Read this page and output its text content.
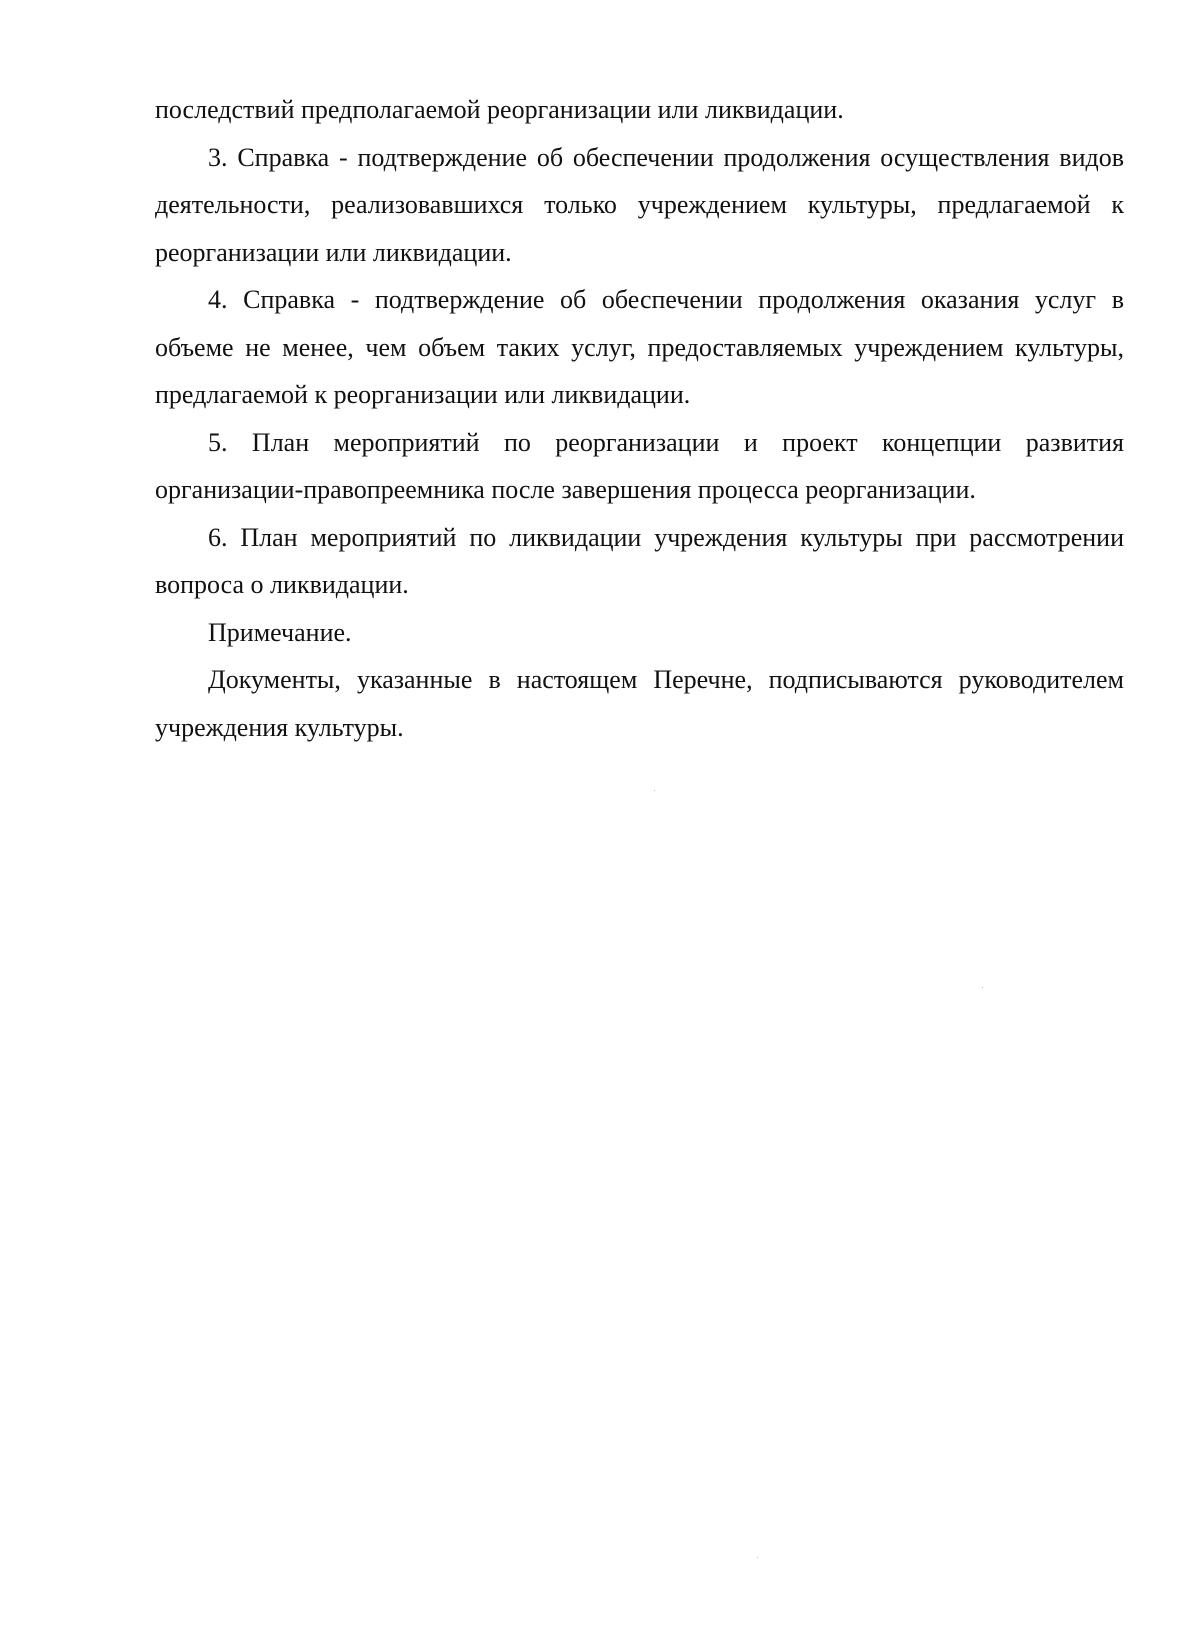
последствий предполагаемой реорганизации или ликвидации.

3. Справка - подтверждение об обеспечении продолжения осуществления видов деятельности, реализовавшихся только учреждением культуры, предлагаемой к реорганизации или ликвидации.

4. Справка - подтверждение об обеспечении продолжения оказания услуг в объеме не менее, чем объем таких услуг, предоставляемых учреждением культуры, предлагаемой к реорганизации или ликвидации.

5. План мероприятий по реорганизации и проект концепции развития организации-правопреемника после завершения процесса реорганизации.

6. План мероприятий по ликвидации учреждения культуры при рассмотрении вопроса о ликвидации.

Примечание.

Документы, указанные в настоящем Перечне, подписываются руководителем учреждения культуры.
